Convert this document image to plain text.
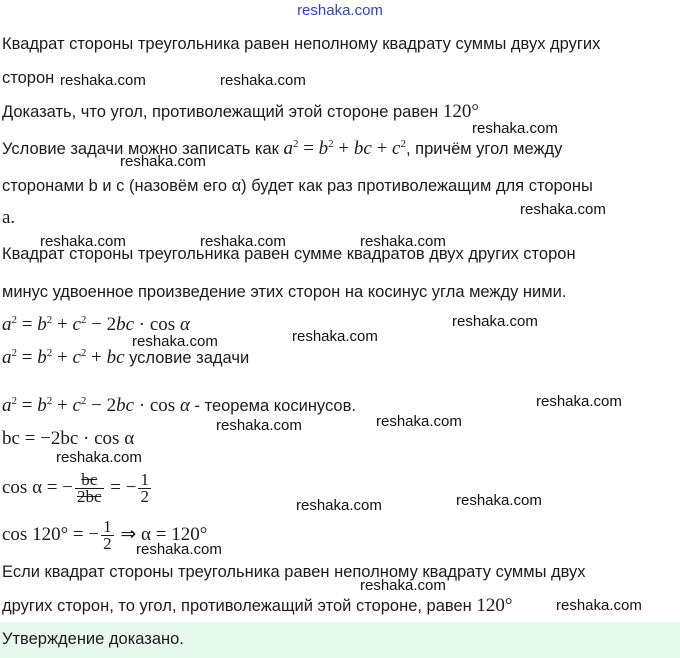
reshaka.com
Квадрат стороны треугольника равен неполному квадрату суммы двух других
сторон
Доказать, что угол, противолежащий этой стороне равен 120°
Условие задачи можно записать как $a^2 = b^2$ + bc + $c^2$, причём угол между
сторонами b и c (назовём его α) будет как раз противолежащим для стороны
a.
Квадрат стороны треугольника равен сумме квадратов двух других сторон
минус удвоенное произведение этих сторон на косинус угла между ними.
$a^2 = b^2 + c^2 - 2bc \cdot \cos \alpha$
$a^2 = b^2 + c^2$ + bc условие задачи
$a^2 = b^2 + c^2 - 2bc \cdot \cos \alpha$ - теорема косинусов.
bc = −2bc · cos α
cos α = − $\frac{bc}{2bc}$ = − $\frac{1}{2}$
cos 120° = − $\frac{1}{2}$ ⇒ α = 120°
Если квадрат стороны треугольника равен неполному квадрату суммы двух
других сторон, то угол, противолежащий этой стороне, равен 120°
Утверждение доказано.
reshaka.com	reshaka.com
reshaka.com
reshaka.com
reshaka.com
reshaka.com	reshaka.com	reshaka.com
reshaka.com
reshaka.com
reshaka.com
reshaka.com
reshaka.com
reshaka.com
reshaka.com
reshaka.com
reshaka.com
reshaka.com
reshaka.com
reshaka.com
